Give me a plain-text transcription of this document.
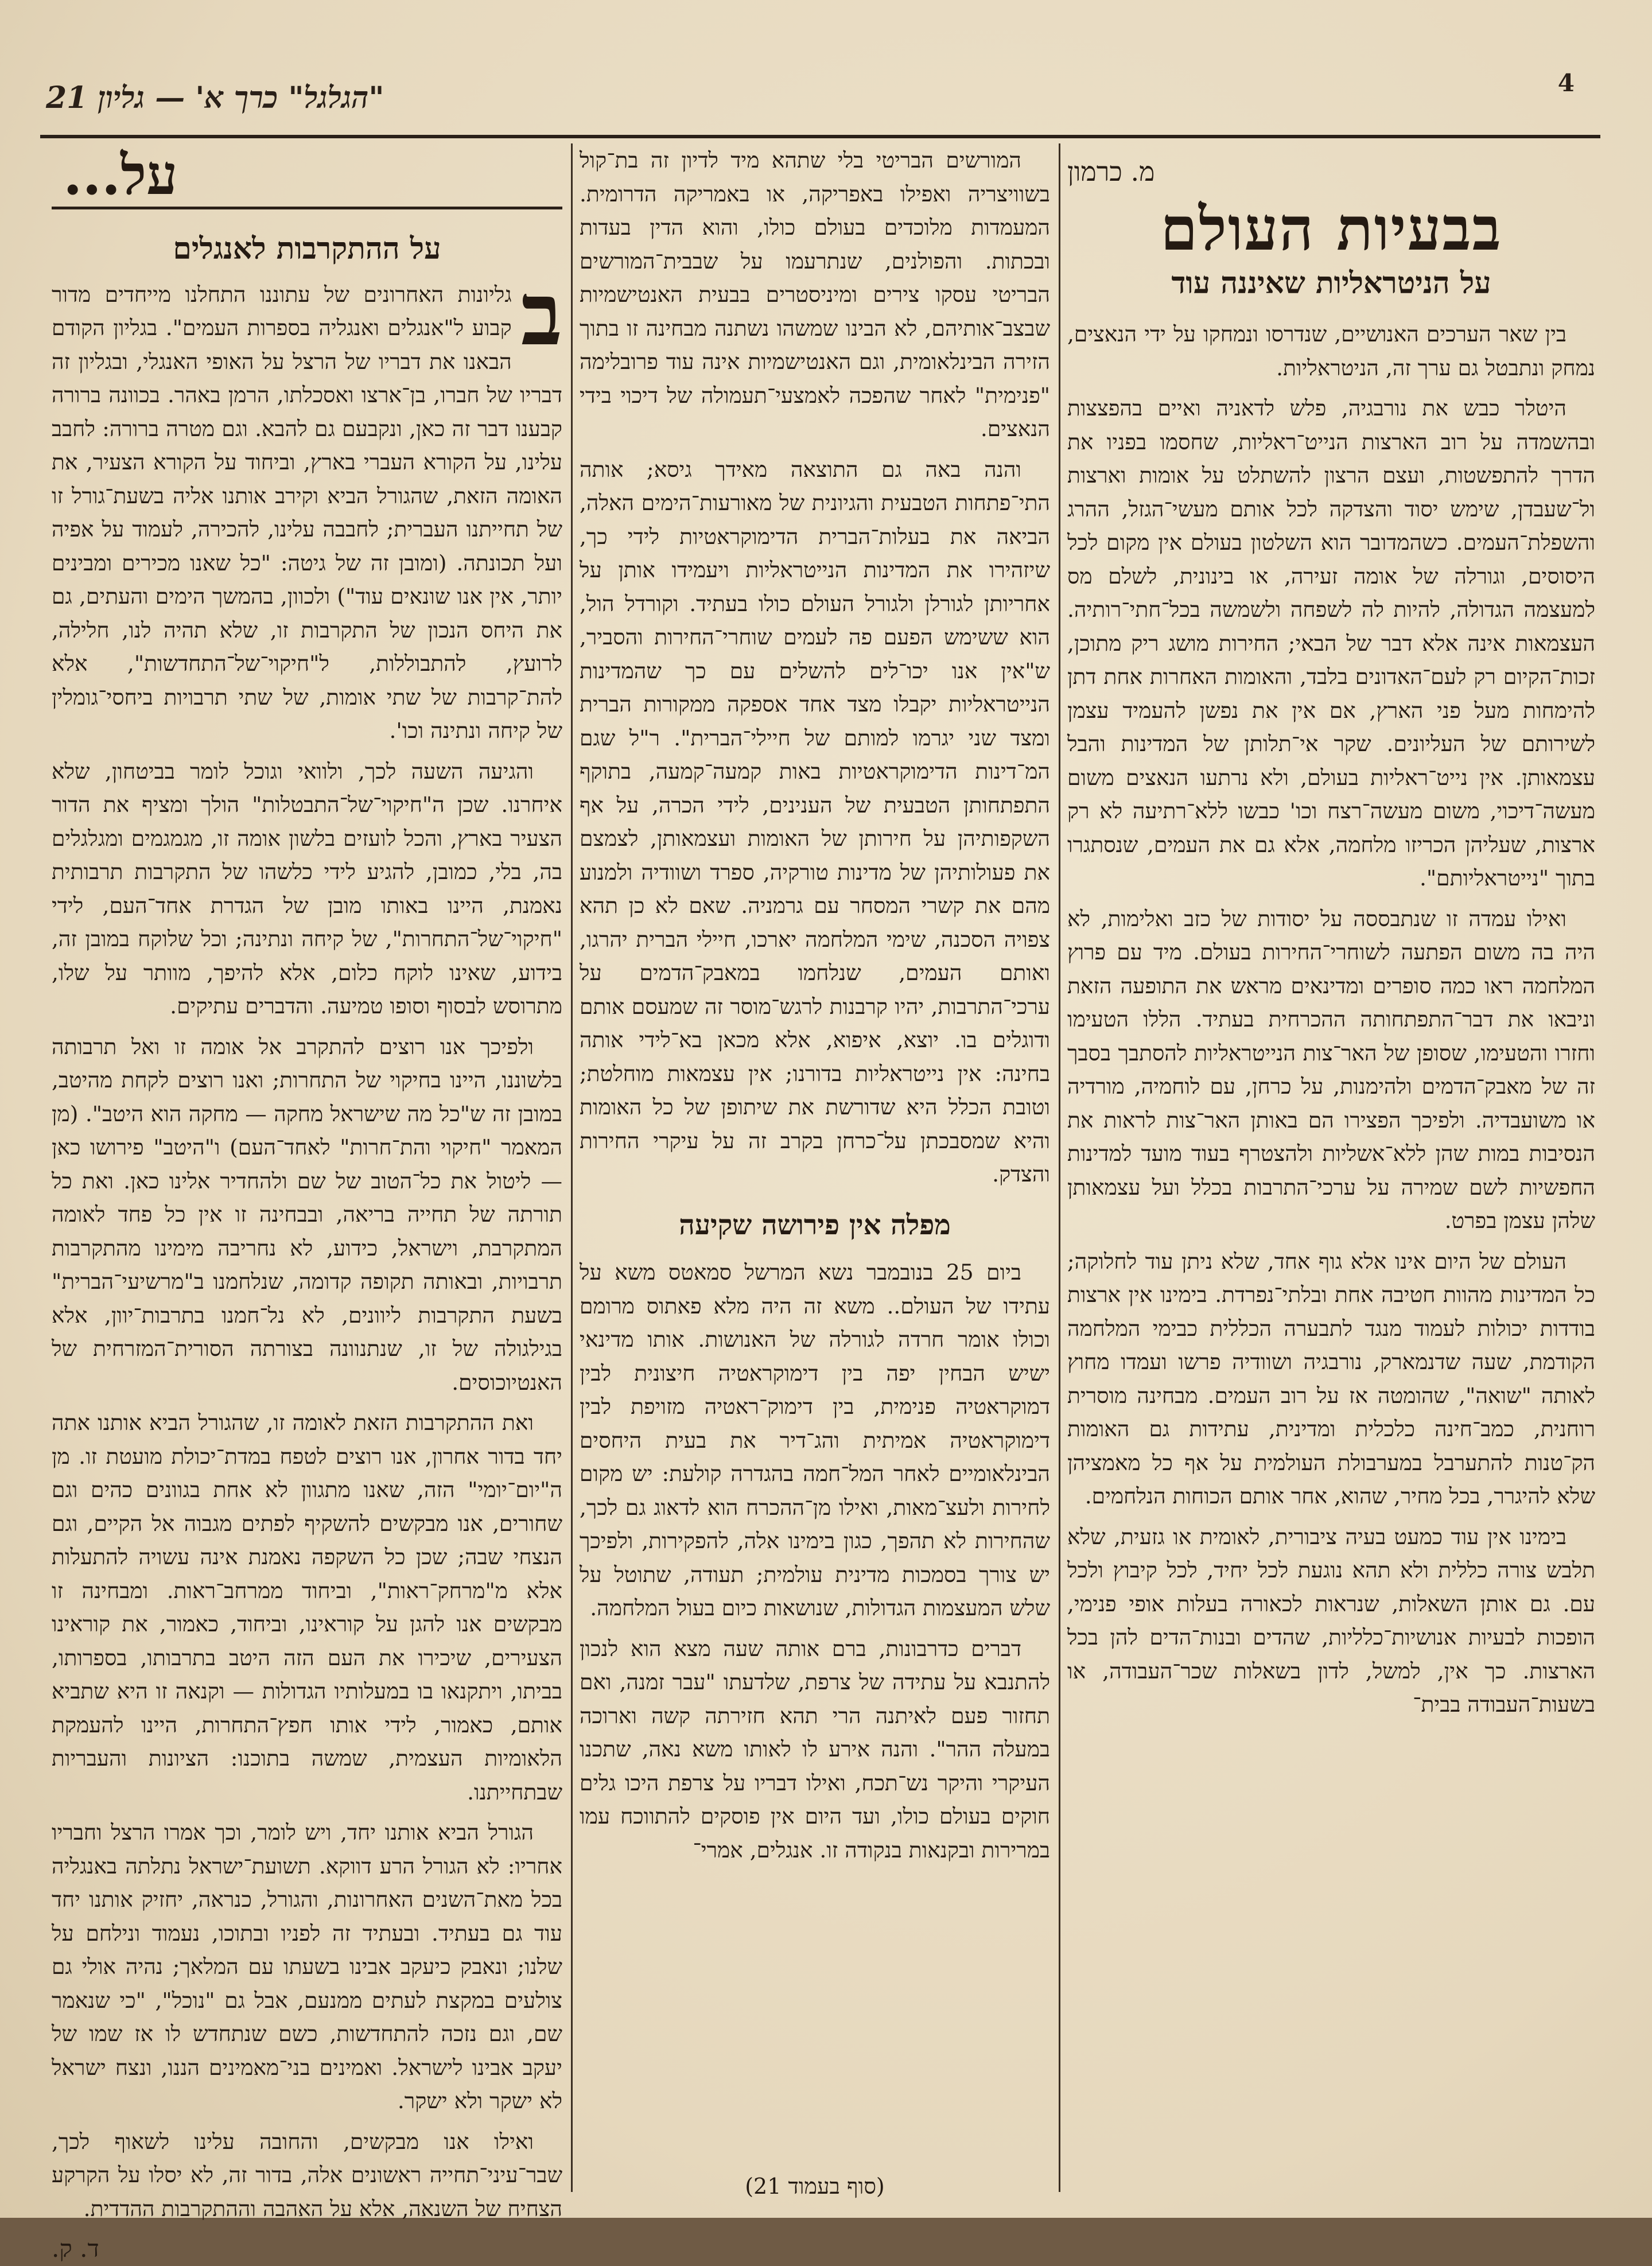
4
"הגלגל" כרך א' — גליון 21
מ. כרמון
בבעיות העולם
על הניטראליות שאיננה עוד

בין שאר הערכים האנושיים, שנדרסו ונמחקו על ידי הנאצים, נמחק ונתבטל גם ערך זה, הניטראליות.

היטלר כבש את נורבגיה, פלש לדאניה ואיים בהפצצות ובהשמדה על רוב הארצות הנייט־ראליות, שחסמו בפניו את הדרך להתפשטות, ועצם הרצון להשתלט על אומות וארצות ול־שעבדן, שימש יסוד והצדקה לכל אותם מעשי־הגזל, ההרג והשפלת־העמים. כשהמדובר הוא השלטון בעולם אין מקום לכל היסוסים, וגורלה של אומה זעירה, או בינונית, לשלם מס למעצמה הגדולה, להיות לה לשפחה ולשמשה בכל־חתי־רותיה. העצמאות אינה אלא דבר של הבאי; החירות מושג ריק מתוכן, זכות־הקיום רק לעם־האדונים בלבד, והאומות האחרות אחת דתן להימחות מעל פני הארץ, אם אין את נפשן להעמיד עצמן לשירותם של העליונים. שקר אי־תלותן של המדינות והבל עצמאותן. אין נייט־ראליות בעולם, ולא נרתעו הנאצים משום מעשה־דיכוי, משום מעשה־רצח וכו' כבשו ללא־רתיעה לא רק ארצות, שעליהן הכריזו מלחמה, אלא גם את העמים, שנסתגרו בתוך "נייטראליותם".

ואילו עמדה זו שנתבססה על יסודות של כזב ואלימות, לא היה בה משום הפתעה לשוחרי־החירות בעולם. מיד עם פרוץ המלחמה ראו כמה סופרים ומדינאים מראש את התופעה הזאת וניבאו את דבר־התפתחותה ההכרחית בעתיד. הללו הטעימו וחזרו והטעימו, שסופן של האר־צות הנייטראליות להסתבך בסבך זה של מאבק־הדמים ולהימנות, על כרחן, עם לוחמיה, מורדיה או משועבדיה. ולפיכך הפצירו הם באותן האר־צות לראות את הנסיבות במות שהן ללא־אשליות ולהצטרף בעוד מועד למדינות החפשיות לשם שמירה על ערכי־התרבות בכלל ועל עצמאותן שלהן עצמן בפרט.

העולם של היום אינו אלא גוף אחד, שלא ניתן עוד לחלוקה; כל המדינות מהוות חטיבה אחת ובלתי־נפרדת. בימינו אין ארצות בודדות יכולות לעמוד מנגד לתבערה הכללית כבימי המלחמה הקודמת, שעה שדנמארק, נורבגיה ושוודיה פרשו ועמדו מחוץ לאותה "שואה", שהומטה אז על רוב העמים. מבחינה מוסרית רוחנית, כמב־חינה כלכלית ומדינית, עתידות גם האומות הק־טנות להתערבל במערבולת העולמית על אף כל מאמציהן שלא להיגרר, בכל מחיר, שהוא, אחר אותם הכוחות הנלחמים.

בימינו אין עוד כמעט בעיה ציבורית, לאומית או גזעית, שלא תלבש צורה כללית ולא תהא נוגעת לכל יחיד, לכל קיבוץ ולכל עם. גם אותן השאלות, שנראות לכאורה בעלות אופי פנימי, הופכות לבעיות אנושיות־כלליות, שהדים ובנות־הדים להן בכל הארצות. כך אין, למשל, לדון בשאלות שכר־העבודה, או בשעות־העבודה בבית־

המורשים הבריטי בלי שתהא מיד לדיון זה בת־קול בשוויצריה ואפילו באפריקה, או באמריקה הדרומית. המעמדות מלוכדים בעולם כולו, והוא הדין בעדות ובכתות. והפולנים, שנתרעמו על שבבית־המורשים הבריטי עסקו צירים ומיניסטרים בבעית האנטישמיות שבצב־אותיהם, לא הבינו שמשהו נשתנה מבחינה זו בתוך הזירה הבינלאומית, וגם האנטישמיות אינה עוד פרובלימה "פנימית" לאחר שהפכה לאמצעי־תעמולה של דיכוי בידי הנאצים.

והנה באה גם התוצאה מאידך גיסא; אותה התי־פתחות הטבעית והגיונית של מאורעות־הימים האלה, הביאה את בעלות־הברית הדימוקראטיות לידי כך, שיזהירו את המדינות הנייטראליות ויעמידו אותן על אחריותן לגורלן ולגורל העולם כולו בעתיד. וקורדל הול, הוא ששימש הפעם פה לעמים שוחרי־החירות והסביר, ש"אין אנו יכו־לים להשלים עם כך שהמדינות הנייטראליות יקבלו מצד אחד אספקה ממקורות הברית ומצד שני יגרמו למותם של חיילי־הברית". ר"ל שגם המ־דינות הדימוקראטיות באות קמעה־קמעה, בתוקף התפתחותן הטבעית של הענינים, לידי הכרה, על אף השקפותיהן על חירותן של האומות ועצמאותן, לצמצם את פעולותיהן של מדינות טורקיה, ספרד ושוודיה ולמנוע מהם את קשרי המסחר עם גרמניה. שאם לא כן תהא צפויה הסכנה, שימי המלחמה יארכו, חיילי הברית יהרגו, ואותם העמים, שנלחמו במאבק־הדמים על ערכי־התרבות, יהיו קרבנות לרגש־מוסר זה שמעסם אותם ודוגלים בו. יוצא, איפוא, אלא מכאן בא־לידי אותה בחינה: אין נייטראליות בדורנו; אין עצמאות מוחלטת; וטובת הכלל היא שדורשת את שיתופן של כל האומות והיא שמסבכתן על־כרחן בקרב זה על עיקרי החירות והצדק.

מפלה אין פירושה שקיעה

ביום 25 בנובמבר נשא המרשל סמאטס משא על עתידו של העולם.. משא זה היה מלא פאתוס מרומם וכולו אומר חרדה לגורלה של האנושות. אותו מדינאי ישיש הבחין יפה בין דימוקראטיה חיצונית לבין דמוקראטיה פנימית, בין דימוק־ראטיה מזויפת לבין דימוקראטיה אמיתית והג־דיר את בעית היחסים הבינלאומיים לאחר המל־חמה בהגדרה קולעת: יש מקום לחירות ולעצ־מאות, ואילו מן־ההכרח הוא לדאוג גם לכך, שהחירות לא תהפך, כגון בימינו אלה, להפקירות, ולפיכך יש צורך בסמכות מדינית עולמית; תעודה, שתוטל על שלש המעצמות הגדולות, שנושאות כיום בעול המלחמה.

דברים כדרבונות, ברם אותה שעה מצא הוא לנכון להתנבא על עתידה של צרפת, שלדעתו "עבר זמנה, ואם תחזור פעם לאיתנה הרי תהא חזירתה קשה וארוכה במעלה ההר". והנה אירע לו לאותו משא נאה, שתכנו העיקרי והיקר נש־תכח, ואילו דבריו על צרפת היכו גלים חוקים בעולם כולו, ועד היום אין פוסקים להתווכח עמו במרירות ובקנאות בנקודה זו. אנגלים, אמרי־

(סוף בעמוד 21)
על...
על ההתקרבות לאנגלים

ב
גליונות האחרונים של עתוננו התחלנו מייחדים מדור קבוע ל"אנגלים ואנגליה בספרות העמים". בגליון הקודם הבאנו את דבריו של הרצל על האופי האנגלי, ובגליון זה דבריו של חברו, בן־ארצו ואסכלתו, הרמן באהר. בכוונה ברורה קבענו דבר זה כאן, ונקבעם גם להבא. וגם מטרה ברורה: לחבב עלינו, על הקורא העברי בארץ, וביחוד על הקורא הצעיר, את האומה הזאת, שהגורל הביא וקירב אותנו אליה בשעת־גורל זו של תחייתנו העברית; לחבבה עלינו, להכירה, לעמוד על אפיה ועל תכונתה. (ומובן זה של גיטה: "כל שאנו מכירים ומבינים יותר, אין אנו שונאים עוד") ולכוון, בהמשך הימים והעתים, גם את היחס הנכון של התקרבות זו, שלא תהיה לנו, חלילה, לרועץ, להתבוללות, ל"חיקוי־של־התחדשות", אלא להת־קרבות של שתי אומות, של שתי תרבויות ביחסי־גומלין של קיחה ונתינה וכו'.

והגיעה השעה לכך, ולוואי וגוכל לומר בביטחון, שלא איחרנו. שכן ה"חיקוי־של־התבטלות" הולך ומציף את הדור הצעיר בארץ, והכל לועזים בלשון אומה זו, מגמגמים ומגלגלים בה, בלי, כמובן, להגיע לידי כלשהו של התקרבות תרבותית נאמנת, היינו באותו מובן של הגדרת אחד־העם, לידי "חיקוי־של־התחרות", של קיחה ונתינה; וכל שלוקח במובן זה, בידוע, שאינו לוקח כלום, אלא להיפך, מוותר על שלו, מתרוסש לבסוף וסופו טמיעה. והדברים עתיקים.

ולפיכך אנו רוצים להתקרב אל אומה זו ואל תרבותה בלשוננו, היינו בחיקוי של התחרות; ואנו רוצים לקחת מהיטב, במובן זה ש"כל מה שישראל מחקה — מחקה הוא היטב". (מן המאמר "חיקוי והת־חרות" לאחד־העם) ו"היטב" פירושו כאן — ליטול את כל־הטוב של שם ולהחדיר אלינו כאן. ואת כל תורתה של תחייה בריאה, ובבחינה זו אין כל פחד לאומה המתקרבת, וישראל, כידוע, לא נחריבה מימינו מהתקרבות תרבויות, ובאותה תקופה קדומה, שנלחמנו ב"מרשיעי־הברית" בשעת התקרבות ליוונים, לא נל־חמנו בתרבות־יוון, אלא בגילגולה של זו, שנתנוונה בצורתה הסורית־המזרחית של האנטיוכוסים.

ואת ההתקרבות הזאת לאומה זו, שהגורל הביא אותנו אתה יחד בדור אחרון, אנו רוצים לטפח במדת־יכולת מועטת זו. מן ה"יום־יומי" הזה, שאנו מתגוון לא אחת בגוונים כהים וגם שחורים, אנו מבקשים להשקיף לפתים מגבוה אל הקיים, וגם הנצחי שבה; שכן כל השקפה נאמנת אינה עשויה להתעלות אלא מ"מרחק־ראות", וביחוד ממרחב־ראות. ומבחינה זו מבקשים אנו להגן על קוראינו, וביחוד, כאמור, את קוראינו הצעירים, שיכירו את העם הזה היטב בתרבותו, בספרותו, בביתו, ויתקנאו בו במעלותיו הגדולות — וקנאה זו היא שתביא אותם, כאמור, לידי אותו חפץ־התחרות, היינו להעמקת הלאומיות העצמית, שמשה בתוכנו: הציונות והעבריות שבתחייתנו.

הגורל הביא אותנו יחד, ויש לומר, וכך אמרו הרצל וחבריו אחריו: לא הגורל הרע דווקא. תשועת־ישראל נתלתה באנגליה בכל מאת־השנים האחרונות, והגורל, כנראה, יחזיק אותנו יחד עוד גם בעתיד. ובעתיד זה לפניו ובתוכו, נעמוד ונילחם על שלנו; ונאבק כיעקב אבינו בשעתו עם המלאך; נהיה אולי גם צולעים במקצת לעתים ממנעם, אבל גם "נוכל", "כי שנאמר שם, וגם נזכה להתחדשות, כשם שנתחדש לו אז שמו של יעקב אבינו לישראל. ואמינים בני־מאמינים הננו, ונצח ישראל לא ישקר ולא ישקר.

ואילו אנו מבקשים, והחובה עלינו לשאוף לכך, שבר־עיני־תחייה ראשונים אלה, בדור זה, לא יסלו על הקרקע הצחיח של השנאה, אלא על האהבה וההתקרבות ההדדית.

ד. ק.
